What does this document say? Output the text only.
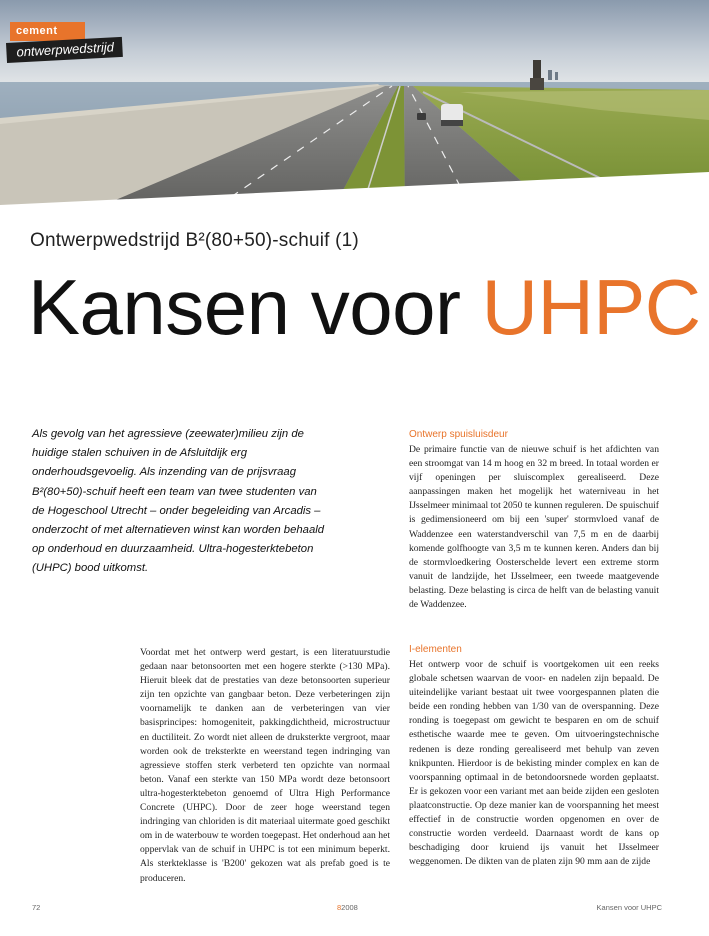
cement
ontwerpwedstrijd
Ontwerpwedstrijd B²(80+50)-schuif (1)
Kansen voor UHPC
Als gevolg van het agressieve (zeewater)milieu zijn de huidige stalen schuiven in de Afsluitdijk erg onderhoudsgevoelig. Als inzending van de prijsvraag B²(80+50)-schuif heeft een team van twee studenten van de Hogeschool Utrecht – onder begeleiding van Arcadis – onderzocht of met alternatieven winst kan worden behaald op onderhoud en duurzaamheid. Ultra-hogesterktebeton (UHPC) bood uitkomst.

Voordat met het ontwerp werd gestart, is een literatuurstudie gedaan naar betonsoorten met een hogere sterkte (>130 MPa). Hieruit bleek dat de prestaties van deze betonsoorten superieur zijn ten opzichte van gangbaar beton. Deze verbeteringen zijn voornamelijk te danken aan de verbeteringen van vier basisprincipes: homogeniteit, pakkingdichtheid, microstructuur en ductiliteit. Zo wordt niet alleen de druksterkte vergroot, maar worden ook de treksterkte en weerstand tegen indringing van agressieve stoffen sterk verbeterd ten opzichte van normaal beton. Vanaf een sterkte van 150 MPa wordt deze betonsoort ultra-hogesterktebeton genoemd of Ultra High Performance Concrete (UHPC). Door de zeer hoge weerstand tegen indringing van chloriden is dit materiaal uitermate goed geschikt om in de waterbouw te worden toegepast. Het onderhoud aan het oppervlak van de schuif in UHPC is tot een minimum beperkt. Als sterkteklasse is 'B200' gekozen wat als prefab goed is te produceren.

Ontwerp spuisluisdeur

De primaire functie van de nieuwe schuif is het afdichten van een stroomgat van 14 m hoog en 32 m breed. In totaal worden er vijf openingen per sluiscomplex gerealiseerd. Deze aanpassingen maken het mogelijk het waterniveau in het IJsselmeer minimaal tot 2050 te kunnen reguleren. De spuischuif is gedimensioneerd om bij een 'super' stormvloed vanaf de Waddenzee een waterstandverschil van 7,5 m en de daarbij komende golfhoogte van 3,5 m te kunnen keren. Anders dan bij de stormvloedkering Oosterschelde levert een extreme storm vanuit de landzijde, het IJsselmeer, een tweede maatgevende belasting. Deze belasting is circa de helft van de belasting vanuit de Waddenzee.

I-elementen

Het ontwerp voor de schuif is voortgekomen uit een reeks globale schetsen waarvan de voor- en nadelen zijn bepaald. De uiteindelijke variant bestaat uit twee voorgespannen platen die beide een ronding hebben van 1/30 van de overspanning. Deze ronding is toegepast om gewicht te besparen en om de schuif esthetische waarde mee te geven. Om uitvoeringstechnische redenen is deze ronding gerealiseerd met behulp van zeven knikpunten. Hierdoor is de bekisting minder complex en kan de voorspanning optimaal in de betondoorsnede worden geplaatst. Er is gekozen voor een variant met aan beide zijden een gesloten plaatconstructie. Op deze manier kan de voorspanning het meest effectief in de constructie worden opgenomen en over de constructie worden verdeeld. Daarnaast wordt de kans op beschadiging door kruiend ijs vanuit het IJsselmeer weggenomen. De dikten van de platen zijn 90 mm aan de zijde

72	82008	Kansen voor UHPC
